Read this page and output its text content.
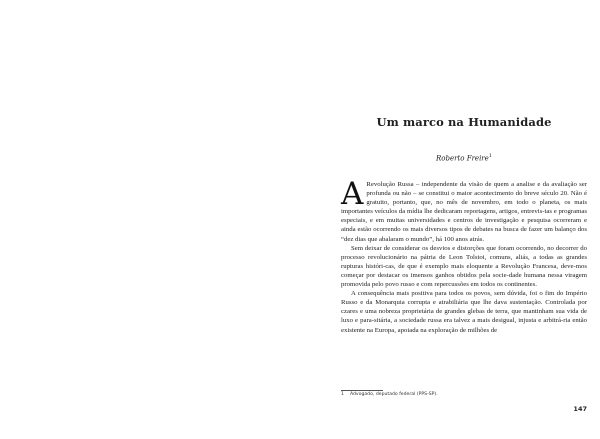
Um marco na Humanidade
Roberto Freire$^1$

A Revolução Russa – independente da visão de quem a analise e da avaliação ser profunda ou não – se constitui o maior acontecimento do breve século 20. Não é gratuito, portanto, que, no mês de novembro, em todo o planeta, os mais importantes veículos da mídia lhe dedicaram reportagens, artigos, entrevis-tas e programas especiais, e em muitas universidades e centros de investigação e pesquisa ocorreram e ainda estão ocorrendo os mais diversos tipos de debates na busca de fazer um balanço dos “dez dias que abalaram o mundo”, há 100 anos atrás.

Sem deixar de considerar os desvios e distorções que foram ocorrendo, no decorrer do processo revolucionário na pátria de Leon Tolstoi, comuns, aliás, a todas as grandes rupturas históri-cas, de que é exemplo mais eloquente a Revolução Francesa, deve-mos começar por destacar os imensos ganhos obtidos pela socie-dade humana nessa viragem promovida pelo povo russo e com repercussões em todos os continentes.

A consequência mais positiva para todos os povos, sem dúvida, foi o fim do Império Russo e da Monarquia corrupta e atrabiliária que lhe dava sustentação. Controlada por czares e uma nobreza proprietária de grandes glebas de terra, que mantinham sua vida de luxo e para-sitária, a sociedade russa era talvez a mais desigual, injusta e arbitrá-ria então existente na Europa, apoiada na exploração de milhões de

1 Advogado, deputado federal (PPS-SP).
147
